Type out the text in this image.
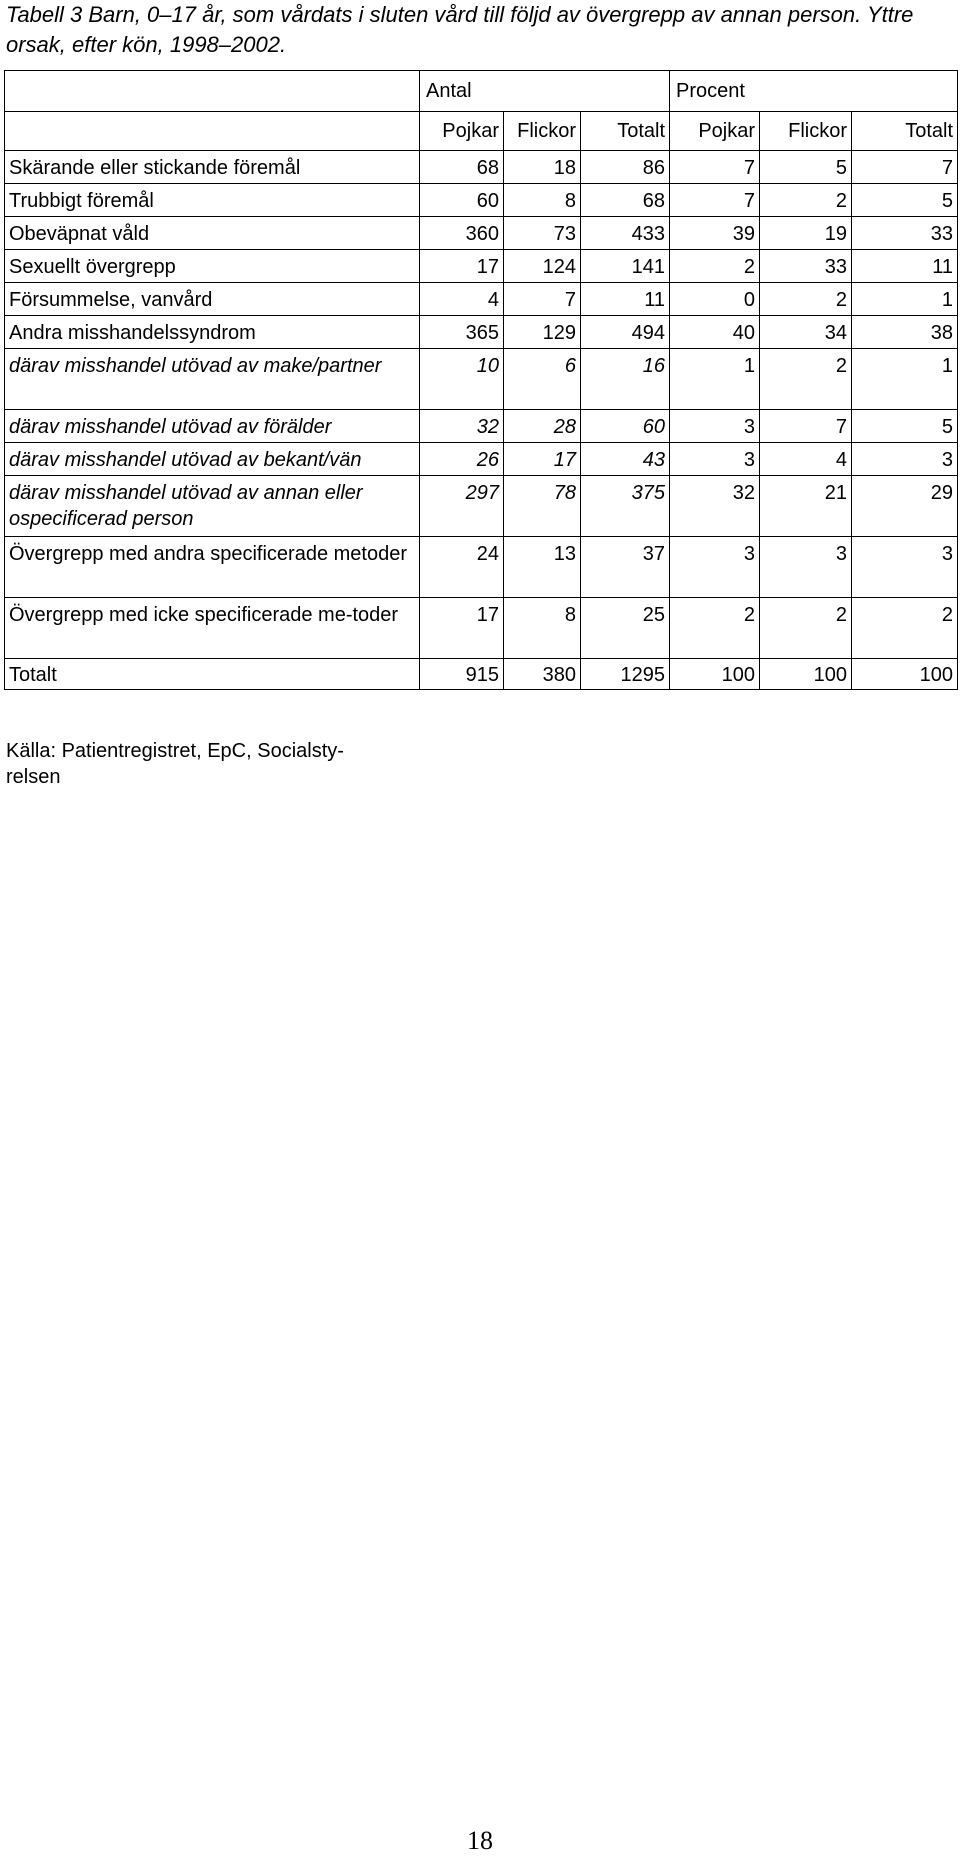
Tabell 3 Barn, 0–17 år, som vårdats i sluten vård till följd av övergrepp av annan person. Yttre orsak, efter kön, 1998–2002.
	Antal			Procent		
	Pojkar	Flickor	Totalt	Pojkar	Flickor	Totalt
Skärande eller stickande föremål	68	18	86	7	5	7
Trubbigt föremål	60	8	68	7	2	5
Obeväpnat våld	360	73	433	39	19	33
Sexuellt övergrepp	17	124	141	2	33	11
Försummelse, vanvård	4	7	11	0	2	1
Andra misshandelssyndrom	365	129	494	40	34	38
därav misshandel utövad av make/partner	10	6	16	1	2	1
därav misshandel utövad av förälder	32	28	60	3	7	5
därav misshandel utövad av bekant/vän	26	17	43	3	4	3
därav misshandel utövad av annan eller ospecificerad person	297	78	375	32	21	29
Övergrepp med andra specificerade metoder	24	13	37	3	3	3
Övergrepp med icke specificerade me-toder	17	8	25	2	2	2
Totalt	915	380	1295	100	100	100
Källa: Patientregistret, EpC, Socialsty-relsen
18
